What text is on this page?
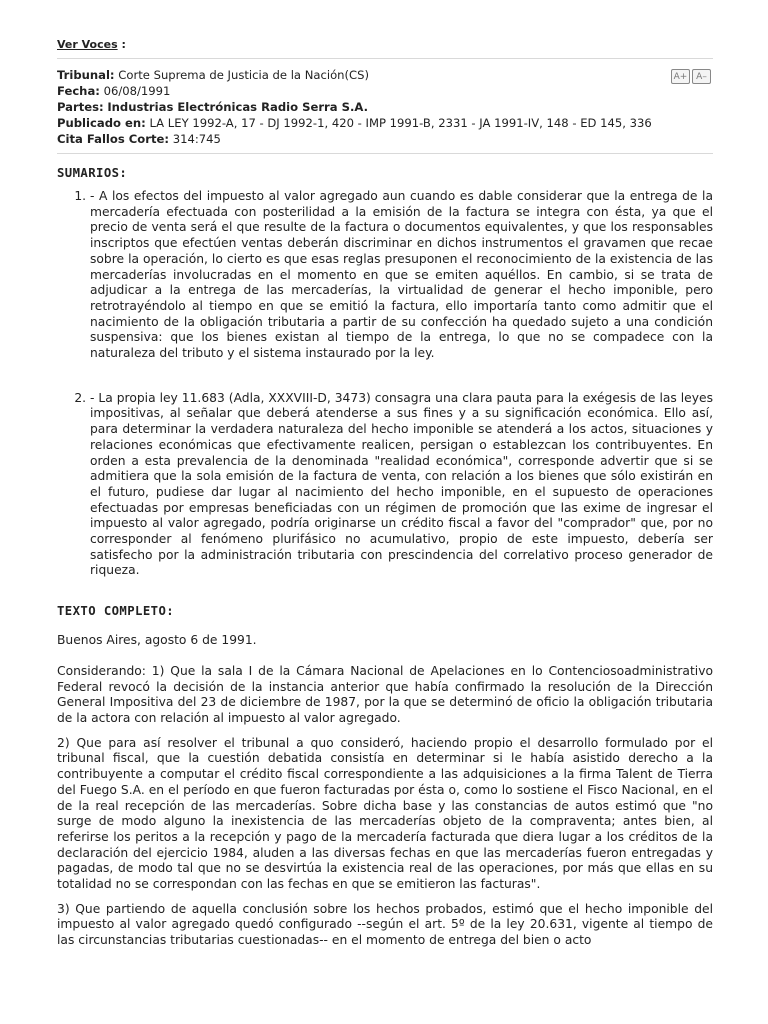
Ver Voces :
A+ A–
Tribunal: Corte Suprema de Justicia de la Nación(CS)
Fecha: 06/08/1991
Partes: Industrias Electrónicas Radio Serra S.A.
Publicado en: LA LEY 1992-A, 17 - DJ 1992-1, 420 - IMP 1991-B, 2331 - JA 1991-IV, 148 - ED 145, 336
Cita Fallos Corte: 314:745
SUMARIOS:
1. - A los efectos del impuesto al valor agregado aun cuando es dable considerar que la entrega de la mercadería efectuada con posterilidad a la emisión de la factura se integra con ésta, ya que el precio de venta será el que resulte de la factura o documentos equivalentes, y que los responsables inscriptos que efectúen ventas deberán discriminar en dichos instrumentos el gravamen que recae sobre la operación, lo cierto es que esas reglas presuponen el reconocimiento de la existencia de las mercaderías involucradas en el momento en que se emiten aquéllos. En cambio, si se trata de adjudicar a la entrega de las mercaderías, la virtualidad de generar el hecho imponible, pero retrotrayéndolo al tiempo en que se emitió la factura, ello importaría tanto como admitir que el nacimiento de la obligación tributaria a partir de su confección ha quedado sujeto a una condición suspensiva: que los bienes existan al tiempo de la entrega, lo que no se compadece con la naturaleza del tributo y el sistema instaurado por la ley.
2. - La propia ley 11.683 (Adla, XXXVIII-D, 3473) consagra una clara pauta para la exégesis de las leyes impositivas, al señalar que deberá atenderse a sus fines y a su significación económica. Ello así, para determinar la verdadera naturaleza del hecho imponible se atenderá a los actos, situaciones y relaciones económicas que efectivamente realicen, persigan o establezcan los contribuyentes. En orden a esta prevalencia de la denominada "realidad económica", corresponde advertir que si se admitiera que la sola emisión de la factura de venta, con relación a los bienes que sólo existirán en el futuro, pudiese dar lugar al nacimiento del hecho imponible, en el supuesto de operaciones efectuadas por empresas beneficiadas con un régimen de promoción que las exime de ingresar el impuesto al valor agregado, podría originarse un crédito fiscal a favor del "comprador" que, por no corresponder al fenómeno plurifásico no acumulativo, propio de este impuesto, debería ser satisfecho por la administración tributaria con prescindencia del correlativo proceso generador de riqueza.
TEXTO COMPLETO:

Buenos Aires, agosto 6 de 1991.

Considerando: 1) Que la sala I de la Cámara Nacional de Apelaciones en lo Contenciosoadministrativo Federal revocó la decisión de la instancia anterior que había confirmado la resolución de la Dirección General Impositiva del 23 de diciembre de 1987, por la que se determinó de oficio la obligación tributaria de la actora con relación al impuesto al valor agregado.

2) Que para así resolver el tribunal a quo consideró, haciendo propio el desarrollo formulado por el tribunal fiscal, que la cuestión debatida consistía en determinar si le había asistido derecho a la contribuyente a computar el crédito fiscal correspondiente a las adquisiciones a la firma Talent de Tierra del Fuego S.A. en el período en que fueron facturadas por ésta o, como lo sostiene el Fisco Nacional, en el de la real recepción de las mercaderías. Sobre dicha base y las constancias de autos estimó que "no surge de modo alguno la inexistencia de las mercaderías objeto de la compraventa; antes bien, al referirse los peritos a la recepción y pago de la mercadería facturada que diera lugar a los créditos de la declaración del ejercicio 1984, aluden a las diversas fechas en que las mercaderías fueron entregadas y pagadas, de modo tal que no se desvirtúa la existencia real de las operaciones, por más que ellas en su totalidad no se correspondan con las fechas en que se emitieron las facturas".

3) Que partiendo de aquella conclusión sobre los hechos probados, estimó que el hecho imponible del impuesto al valor agregado quedó configurado --según el art. 5º de la ley 20.631, vigente al tiempo de las circunstancias tributarias cuestionadas-- en el momento de entrega del bien o acto
